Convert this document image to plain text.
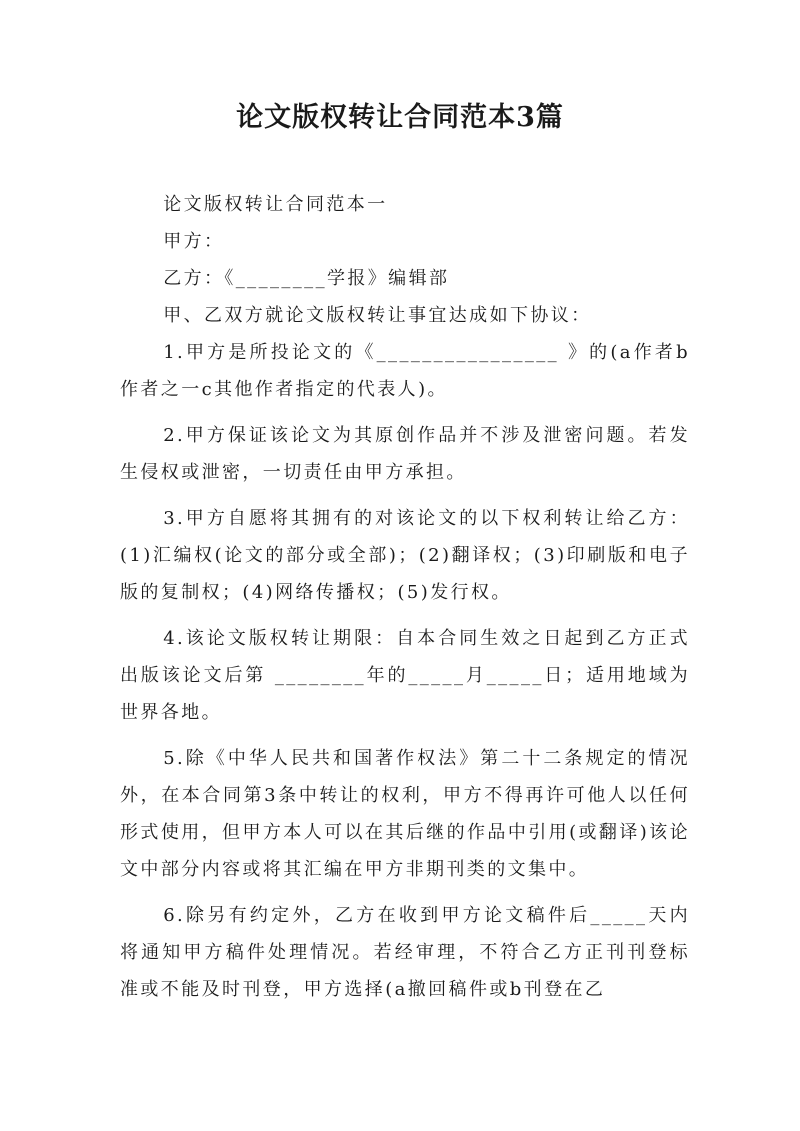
论文版权转让合同范本3篇

论文版权转让合同范本一

甲方：

乙方：《________学报》编辑部

甲、乙双方就论文版权转让事宜达成如下协议：

1.甲方是所投论文的《________________ 》的(a作者b作者之一c其他作者指定的代表人)。

2.甲方保证该论文为其原创作品并不涉及泄密问题。若发生侵权或泄密，一切责任由甲方承担。

3.甲方自愿将其拥有的对该论文的以下权利转让给乙方：(1)汇编权(论文的部分或全部)；(2)翻译权；(3)印刷版和电子版的复制权；(4)网络传播权；(5)发行权。

4.该论文版权转让期限：自本合同生效之日起到乙方正式出版该论文后第 ________年的_____月_____日；适用地域为世界各地。

5.除《中华人民共和国著作权法》第二十二条规定的情况外，在本合同第3条中转让的权利，甲方不得再许可他人以任何形式使用，但甲方本人可以在其后继的作品中引用(或翻译)该论文中部分内容或将其汇编在甲方非期刊类的文集中。

6.除另有约定外，乙方在收到甲方论文稿件后_____天内将通知甲方稿件处理情况。若经审理，不符合乙方正刊刊登标准或不能及时刊登，甲方选择(a撤回稿件或b刊登在乙
